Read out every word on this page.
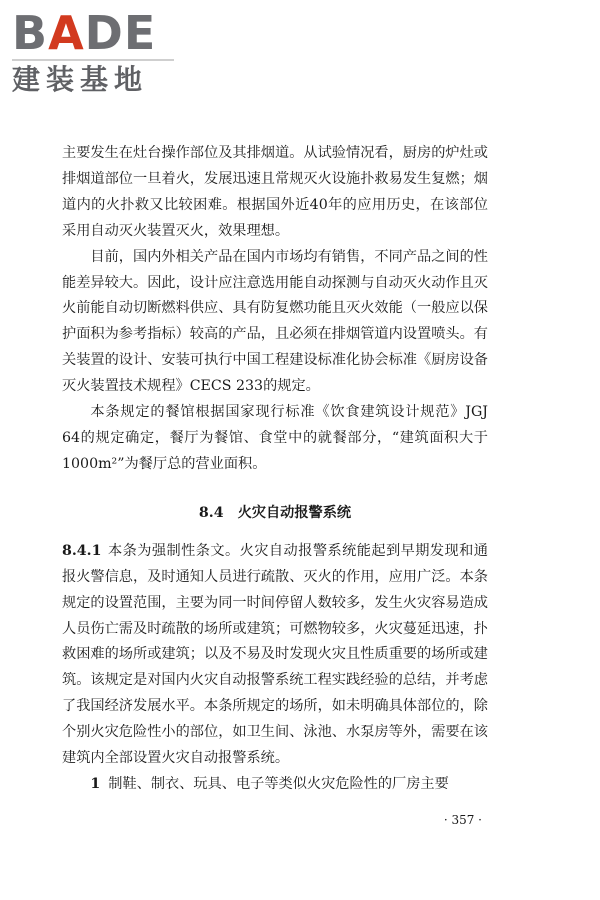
BADE
建装基地

主要发生在灶台操作部位及其排烟道。从试验情况看，厨房的炉灶或排烟道部位一旦着火，发展迅速且常规灭火设施扑救易发生复燃；烟道内的火扑救又比较困难。根据国外近40年的应用历史，在该部位采用自动灭火装置灭火，效果理想。

目前，国内外相关产品在国内市场均有销售，不同产品之间的性能差异较大。因此，设计应注意选用能自动探测与自动灭火动作且灭火前能自动切断燃料供应、具有防复燃功能且灭火效能（一般应以保护面积为参考指标）较高的产品，且必须在排烟管道内设置喷头。有关装置的设计、安装可执行中国工程建设标准化协会标准《厨房设备灭火装置技术规程》CECS 233的规定。

本条规定的餐馆根据国家现行标准《饮食建筑设计规范》JGJ 64的规定确定，餐厅为餐馆、食堂中的就餐部分，“建筑面积大于1000m²”为餐厅总的营业面积。

8.4 火灾自动报警系统

8.4.1 本条为强制性条文。火灾自动报警系统能起到早期发现和通报火警信息，及时通知人员进行疏散、灭火的作用，应用广泛。本条规定的设置范围，主要为同一时间停留人数较多，发生火灾容易造成人员伤亡需及时疏散的场所或建筑；可燃物较多，火灾蔓延迅速，扑救困难的场所或建筑；以及不易及时发现火灾且性质重要的场所或建筑。该规定是对国内火灾自动报警系统工程实践经验的总结，并考虑了我国经济发展水平。本条所规定的场所，如未明确具体部位的，除个别火灾危险性小的部位，如卫生间、泳池、水泵房等外，需要在该建筑内全部设置火灾自动报警系统。

1 制鞋、制衣、玩具、电子等类似火灾危险性的厂房主要

· 357 ·
